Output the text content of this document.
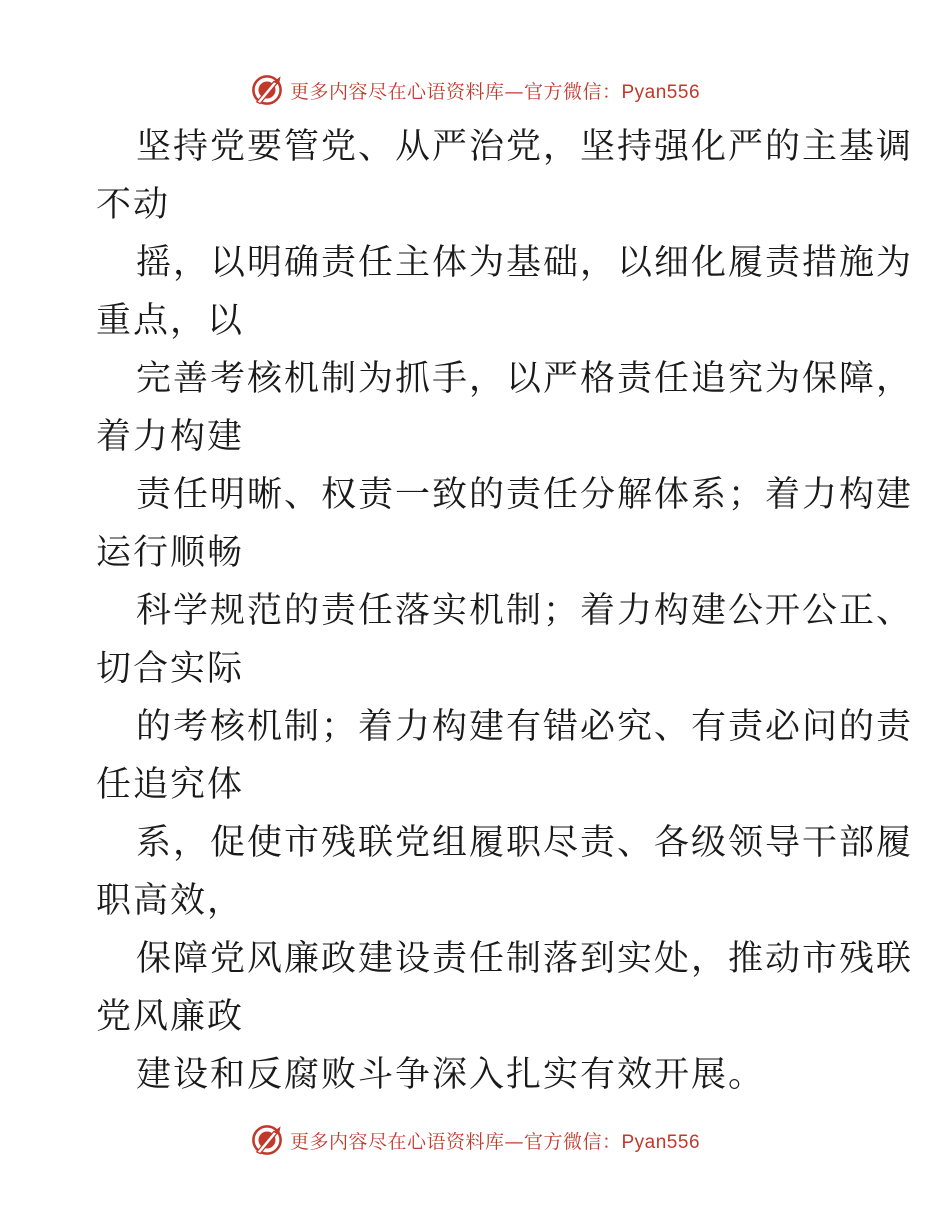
更多内容尽在心语资料库—官方微信：Pyan556
坚持党要管党、从严治党，坚持强化严的主基调
不动
摇，以明确责任主体为基础，以细化履责措施为
重点，以
完善考核机制为抓手，以严格责任追究为保障，
着力构建
责任明晰、权责一致的责任分解体系；着力构建
运行顺畅
科学规范的责任落实机制；着力构建公开公正、
切合实际
的考核机制；着力构建有错必究、有责必问的责
任追究体
系，促使市残联党组履职尽责、各级领导干部履
职高效，
保障党风廉政建设责任制落到实处，推动市残联
党风廉政
建设和反腐败斗争深入扎实有效开展。
更多内容尽在心语资料库—官方微信：Pyan556
